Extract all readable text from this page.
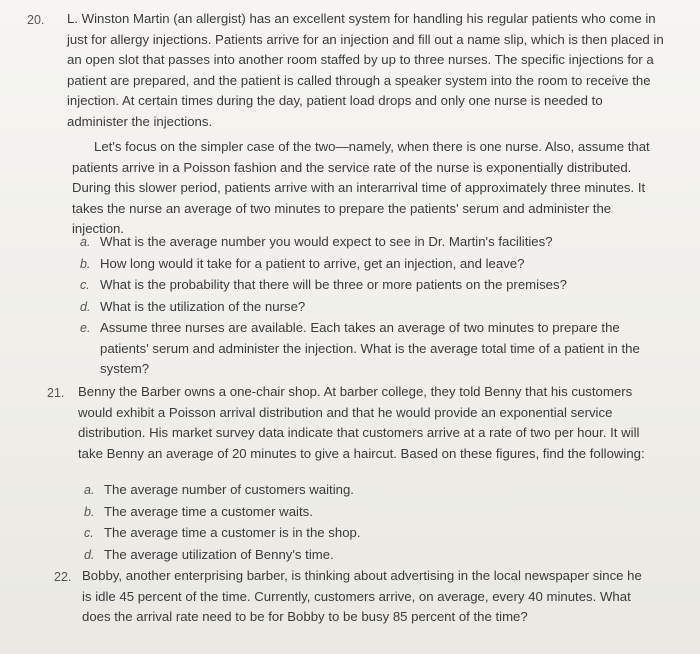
20. L. Winston Martin (an allergist) has an excellent system for handling his regular patients who come in just for allergy injections. Patients arrive for an injection and fill out a name slip, which is then placed in an open slot that passes into another room staffed by up to three nurses. The specific injections for a patient are prepared, and the patient is called through a speaker system into the room to receive the injection. At certain times during the day, patient load drops and only one nurse is needed to administer the injections.

Let's focus on the simpler case of the two—namely, when there is one nurse. Also, assume that patients arrive in a Poisson fashion and the service rate of the nurse is exponentially distributed. During this slower period, patients arrive with an interarrival time of approximately three minutes. It takes the nurse an average of two minutes to prepare the patients' serum and administer the injection.

a. What is the average number you would expect to see in Dr. Martin's facilities?
b. How long would it take for a patient to arrive, get an injection, and leave?
c. What is the probability that there will be three or more patients on the premises?
d. What is the utilization of the nurse?
e. Assume three nurses are available. Each takes an average of two minutes to prepare the patients' serum and administer the injection. What is the average total time of a patient in the system?
21. Benny the Barber owns a one-chair shop. At barber college, they told Benny that his customers would exhibit a Poisson arrival distribution and that he would provide an exponential service distribution. His market survey data indicate that customers arrive at a rate of two per hour. It will take Benny an average of 20 minutes to give a haircut. Based on these figures, find the following:

a. The average number of customers waiting.
b. The average time a customer waits.
c. The average time a customer is in the shop.
d. The average utilization of Benny's time.
22. Bobby, another enterprising barber, is thinking about advertising in the local newspaper since he is idle 45 percent of the time. Currently, customers arrive, on average, every 40 minutes. What does the arrival rate need to be for Bobby to be busy 85 percent of the time?
